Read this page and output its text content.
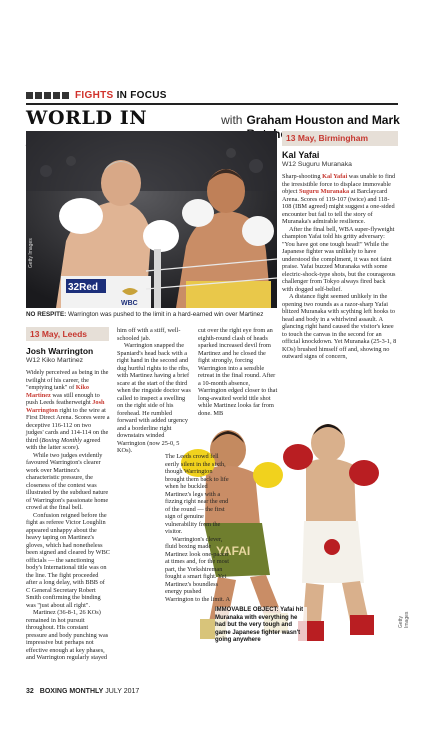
FIGHTS IN FOCUS
WORLD IN	with Graham Houston and Mark
32Red
WBC
Getty Images
NO RESPITE: Warrington was pushed to the limit in a hard-earned win over Martinez
13 May, Birmingham
Kal Yafai
W12 Suguru Muranaka

Sharp-shooting Kal Yafai was unable to find the irresistible force to displace immovable object Suguru Muranaka at Barclaycard Arena. Scores of 119-107 (twice) and 118-108 (IBM agreed) might suggest a one-sided encounter but fail to tell the story of Muranaka's admirable resilience.

After the final bell, WBA super-flyweight champion Yafai told his gritty adversary: "You have got one tough head!" While the Japanese fighter was unlikely to have understood the compliment, it was not faint praise. Yafai buzzed Muranaka with some electric-shock-type shots, but the courageous challenger from Tokyo always fired back with dogged self-belief.

A distance fight seemed unlikely in the opening two rounds as a razor-sharp Yafai blitzed Muranaka with scything left hooks to head and body in a whirlwind assault. A glancing right hand caused the visitor's knee to touch the canvas in the second for an official knockdown. Yet Muranaka (25-3-1, 8 KOs) brushed himself off and, showing no outward signs of concern,

13 May, Leeds
Josh Warrington
W12 Kiko Martinez

Widely perceived as being in the twilight of his career, the "emptying tank" of Kiko Martinez was still enough to push Leeds featherweight Josh Warrington right to the wire at First Direct Arena. Scores were a deceptive 116-112 on two judges' cards and 114-114 on the third (Boxing Monthly agreed with the latter score).

While two judges evidently favoured Warrington's clearer work over Martinez's characteristic pressure, the closeness of the contest was illustrated by the subdued nature of Warrington's passionate home crowd at the final bell.

Confusion reigned before the fight as referee Victor Loughlin appeared unhappy about the heavy taping on Martinez's gloves, which had nonetheless been signed and cleared by WBC officials — the sanctioning body's International title was on the line. The fight proceeded after a long delay, with BBB of C General Secretary Robert Smith confirming the binding was "just about all right".

Martinez (36-8-1, 26 KOs) remained in hot pursuit throughout. His constant pressure and body punching was impressive but perhaps not effective enough at key phases, and Warrington regularly stayed

him off with a stiff, well-schooled jab.

Warrington snapped the Spaniard's head back with a right hand in the second and dug hurtful rights to the ribs, with Martinez having a brief scare at the start of the third when the ringside doctor was called to inspect a swelling on the right side of his forehead. He rumbled forward with added urgency and a borderline right downstairs winded Warrington (now 25-0, 5 KOs).

cut over the right eye from an eighth-round clash of heads sparked increased devil from Martinez and he closed the fight strongly, forcing Warrington into a sensible retreat in the final round. After a 10-month absence, Warrington edged closer to that long-awaited world title shot while Martinez looks far from done. MB

YAFAI

The Leeds crowd fell eerily silent in the sixth, though Warrington brought them back to life when he buckled Martinez's legs with a fizzing right near the end of the round — the first sign of genuine vulnerability from the visitor.

Warrington's clever, fluid boxing made Martinez look one-paced at times and, for the most part, the Yorkshireman fought a smart fight. Yet Martinez's boundless energy pushed Warrington to the limit. A

IMMOVABLE OBJECT: Yafai hit Muranaka with everything he had but the very tough and game Japanese fighter wasn't going anywhere
Getty Images
32 BOXING MONTHLY JULY 2017
